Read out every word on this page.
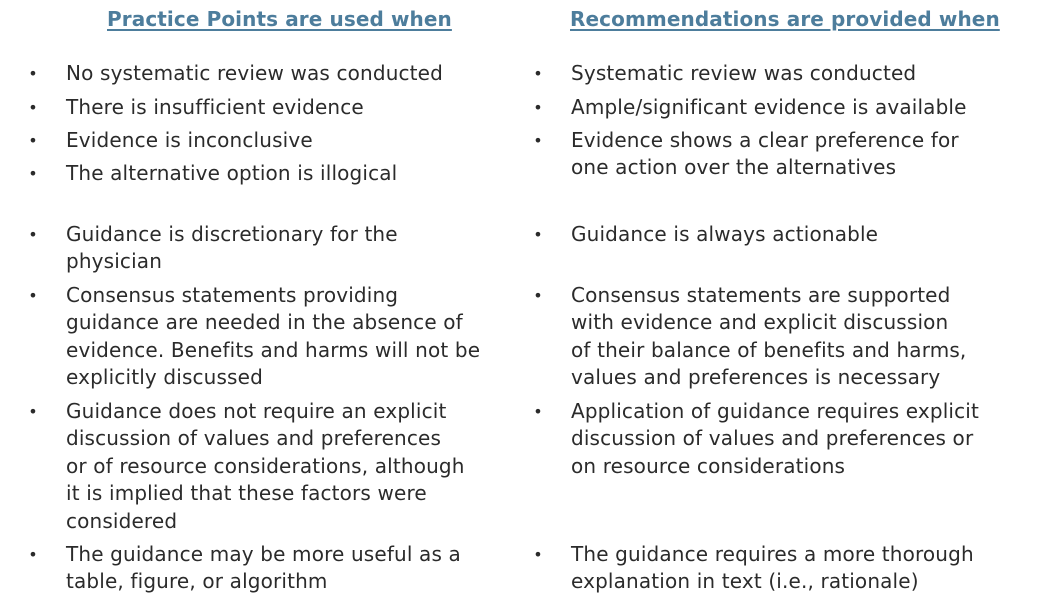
Practice Points are used when
• No systematic review was conducted
• There is insufficient evidence
• Evidence is inconclusive
• The alternative option is illogical
• Guidance is discretionary for the
physician
• Consensus statements providing
guidance are needed in the absence of
evidence. Benefits and harms will not be
explicitly discussed
• Guidance does not require an explicit
discussion of values and preferences
or of resource considerations, although
it is implied that these factors were
considered
• The guidance may be more useful as a
table, figure, or algorithm
Recommendations are provided when
• Systematic review was conducted
• Ample/significant evidence is available
• Evidence shows a clear preference for
one action over the alternatives
• Guidance is always actionable
• Consensus statements are supported
with evidence and explicit discussion
of their balance of benefits and harms,
values and preferences is necessary
• Application of guidance requires explicit
discussion of values and preferences or
on resource considerations
• The guidance requires a more thorough
explanation in text (i.e., rationale)
